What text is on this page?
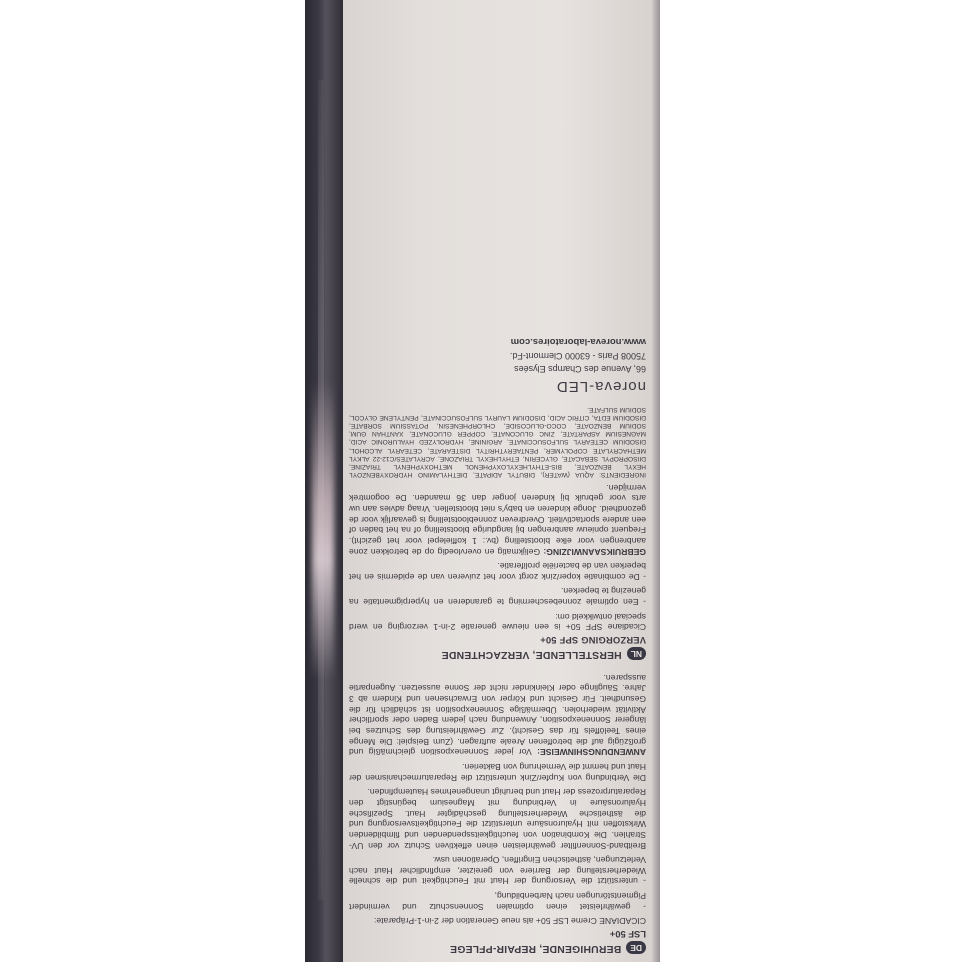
DE
BERUHIGENDE, REPAIR-PFLEGE
LSF 50+

CICADIANE Creme LSF 50+ als neue Generation der 2-in-1-Präparate:

- gewährleistet einen optimalen Sonnenschutz und vermindert Pigmentstörungen nach Narbenbildung,

- unterstützt die Versorgung der Haut mit Feuchtigkeit und die schnelle Wiederherstellung der Barriere von gereizter, empfindlicher Haut nach Verletzungen, ästhetischen Eingriffen, Operationen usw.

Breitband-Sonnenfilter gewährleisten einen effektiven Schutz vor den UV-Strahlen. Die Kombination von feuchtigkeitsspendenden und filmbildenden Wirkstoffen mit Hyaluronsäure unterstützt die Feuchtigkeitsversorgung und die ästhetische Wiederherstellung geschädigter Haut. Spezifische Hyaluronsäure in Verbindung mit Magnesium begünstigt den Reparaturprozess der Haut und beruhigt unangenehmes Hautempfinden.

Die Verbindung von Kupfer/Zink unterstützt die Reparaturmechanismen der Haut und hemmt die Vermehrung von Bakterien.

ANWENDUNGSHINWEISE: Vor jeder Sonnenexposition gleichmäßig und großzügig auf die betroffenen Areale auftragen. (Zum Beispiel: Die Menge eines Teelöffels für das Gesicht). Zur Gewährleistung des Schutzes bei längerer Sonnenexposition, Anwendung nach jedem Baden oder sportlicher Aktivität wiederholen. Übermäßige Sonnenexposition ist schädlich für die Gesundheit. Für Gesicht und Körper von Erwachsenen und Kindern ab 3 Jahre. Säuglinge oder Kleinkinder nicht der Sonne aussetzen. Augenpartie aussparen.

NL
HERSTELLENDE, VERZACHTENDE
VERZORGING SPF 50+

Cicadiane SPF 50+ is een nieuwe generatie 2-in-1 verzorging en werd speciaal ontwikkeld om:

- Een optimale zonnebescherming te garanderen en hyperpigmentatie na genezing te beperken.

- De combinatie koper/zink zorgt voor het zuiveren van de epidermis en het beperken van de bacteriële proliferatie.

GEBRUIKSAANWIJZING: Gelijkmatig en overvloedig op de betrokken zone aanbrengen voor elke blootstelling (bv.: 1 koffielepel voor het gezicht). Frequent opnieuw aanbrengen bij langdurige blootstelling of na het baden of een andere sportactiviteit. Overdreven zonneblootstelling is gevaarlijk voor de gezondheid. Jonge kinderen en baby's niet blootstellen. Vraag advies aan uw arts voor gebruik bij kinderen jonger dan 36 maanden. De oogomtrek vermijden.

INGREDIENTS: AQUA (WATER), DIBUTYL ADIPATE, DIETHYLAMINO HYDROXYBENZOYL HEXYL BENZOATE, BIS-ETHYLHEXYLOXYPHENOL METHOXYPHENYL TRIAZINE, DIISOPROPYL SEBACATE, GLYCERIN, ETHYLHEXYL TRIAZONE, ACRYLATES/C12-22 ALKYL METHACRYLATE COPOLYMER, PENTAERYTHRITYL DISTEARATE, CETEARYL ALCOHOL, DISODIUM CETEARYL SULFOSUCCINATE, ARGININE, HYDROLYZED HYALURONIC ACID, MAGNESIUM ASPARTATE, ZINC GLUCONATE, COPPER GLUCONATE, XANTHAN GUM, SODIUM BENZOATE, COCO-GLUCOSIDE, CHLORPHENESIN, POTASSIUM SORBATE, DISODIUM EDTA, CITRIC ACID, DISODIUM LAURYL SULFOSUCCINATE, PENTYLENE GLYCOL, SODIUM SULFATE.
noreva-LED
66, Avenue des Champs Elysées
75008 Paris - 63000 Clermont-Fd.
www.noreva-laboratoires.com
